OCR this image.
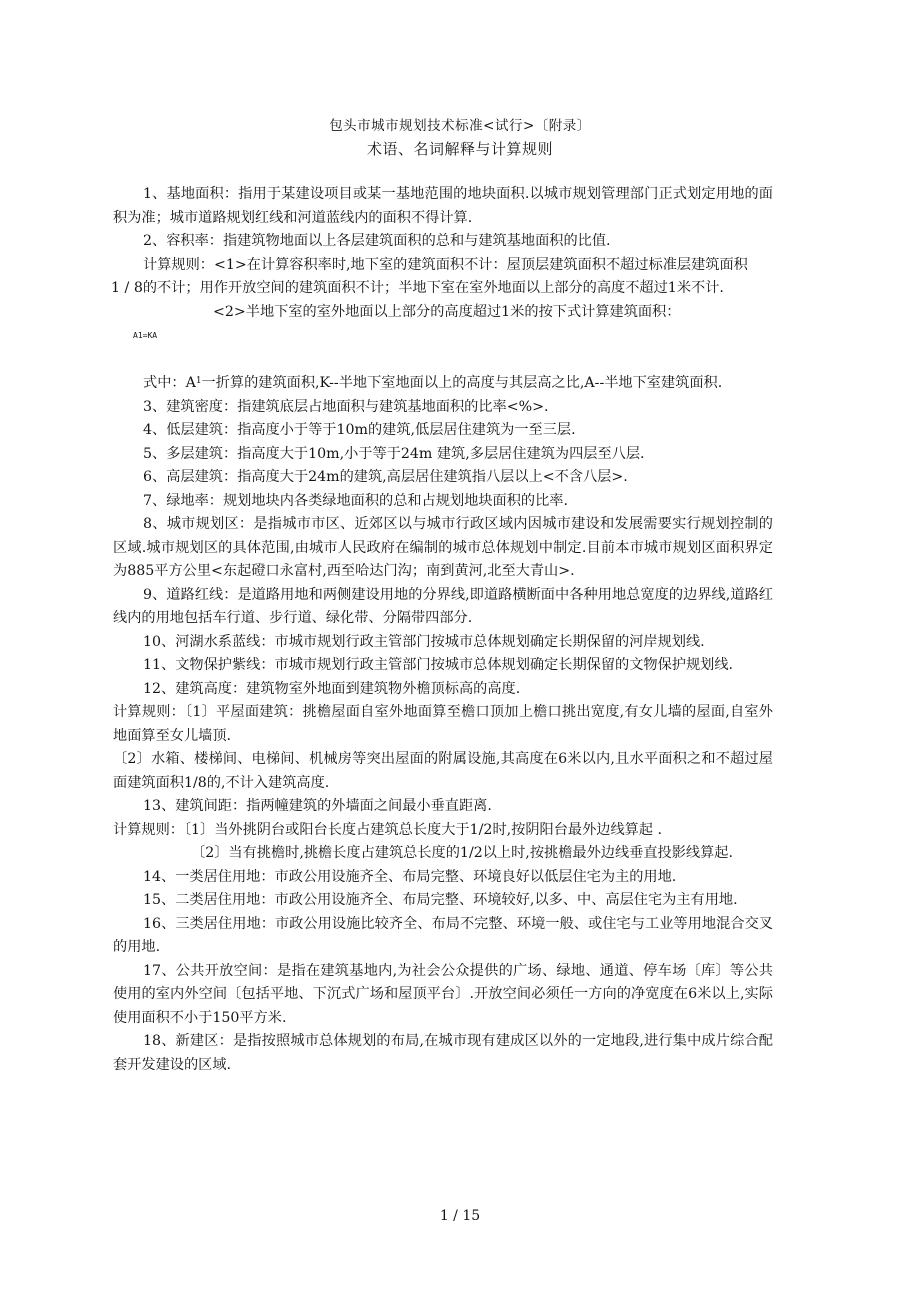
包头市城市规划技术标准<试行>〔附录〕
术语、名词解释与计算规则

1、基地面积：指用于某建设项目或某一基地范围的地块面积.以城市规划管理部门正式划定用地的面积为准；城市道路规划红线和河道蓝线内的面积不得计算.

2、容积率：指建筑物地面以上各层建筑面积的总和与建筑基地面积的比值.

计算规则：<1>在计算容积率时,地下室的建筑面积不计：屋顶层建筑面积不超过标准层建筑面积

1 / 8的不计；用作开放空间的建筑面积不计；半地下室在室外地面以上部分的高度不超过1米不计.

<2>半地下室的室外地面以上部分的高度超过1米的按下式计算建筑面积：

A1=KA

式中：$A^1$一折算的建筑面积,K--半地下室地面以上的高度与其层高之比,A--半地下室建筑面积.

3、建筑密度：指建筑底层占地面积与建筑基地面积的比率<%>.

4、低层建筑：指高度小于等于10m的建筑,低层居住建筑为一至三层.

5、多层建筑：指高度大于10m,小于等于24m 建筑,多层居住建筑为四层至八层.

6、高层建筑：指高度大于24m的建筑,高层居住建筑指八层以上<不含八层>.

7、绿地率：规划地块内各类绿地面积的总和占规划地块面积的比率.

8、城市规划区：是指城市市区、近郊区以与城市行政区域内因城市建设和发展需要实行规划控制的区域.城市规划区的具体范围,由城市人民政府在编制的城市总体规划中制定.目前本市城市规划区面积界定为885平方公里<东起磴口永富村,西至哈达门沟；南到黄河,北至大青山>.

9、道路红线：是道路用地和两侧建设用地的分界线,即道路横断面中各种用地总宽度的边界线,道路红线内的用地包括车行道、步行道、绿化带、分隔带四部分.

10、河湖水系蓝线：市城市规划行政主管部门按城市总体规划确定长期保留的河岸规划线.

11、文物保护紫线：市城市规划行政主管部门按城市总体规划确定长期保留的文物保护规划线.

12、建筑高度：建筑物室外地面到建筑物外檐顶标高的高度.

计算规则：〔1〕平屋面建筑：挑檐屋面自室外地面算至檐口顶加上檐口挑出宽度,有女儿墙的屋面,自室外地面算至女儿墙顶.

〔2〕水箱、楼梯间、电梯间、机械房等突出屋面的附属设施,其高度在6米以内,且水平面积之和不超过屋面建筑面积1/8的,不计入建筑高度.

13、建筑间距：指两幢建筑的外墙面之间最小垂直距离.

计算规则：〔1〕当外挑阴台或阳台长度占建筑总长度大于1/2时,按阴阳台最外边线算起 .

〔2〕当有挑檐时,挑檐长度占建筑总长度的1/2以上时,按挑檐最外边线垂直投影线算起.

14、一类居住用地：市政公用设施齐全、布局完整、环境良好以低层住宅为主的用地.

15、二类居住用地：市政公用设施齐全、布局完整、环境较好,以多、中、高层住宅为主有用地.

16、三类居住用地：市政公用设施比较齐全、布局不完整、环境一般、或住宅与工业等用地混合交叉的用地.

17、公共开放空间：是指在建筑基地内,为社会公众提供的广场、绿地、通道、停车场〔库〕等公共使用的室内外空间〔包括平地、下沉式广场和屋顶平台〕.开放空间必须任一方向的净宽度在6米以上,实际使用面积不小于150平方米.

18、新建区：是指按照城市总体规划的布局,在城市现有建成区以外的一定地段,进行集中成片综合配套开发建设的区域.

1 / 15
